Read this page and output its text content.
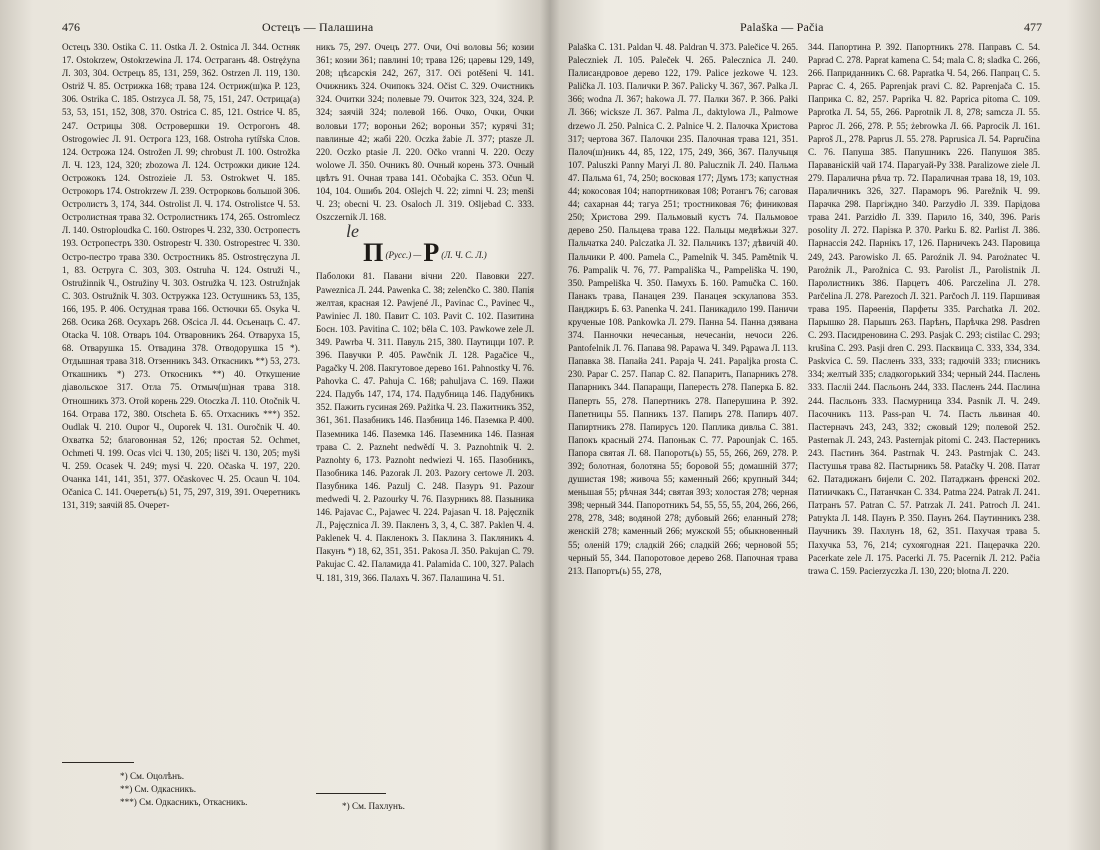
476	Остецъ — Палашина

Остецъ 330. Ostika С. 11. Ostka Л. 2. Ostnica Л. 344. Остняк 17. Ostokrzew, Ostokrzewina Л. 174. Остраганъ 48. Ostrężyna Л. 303, 304. Острецъ 85, 131, 259, 362. Ostrzen Л. 119, 130. Ostriž Ч. 85. Острижка 168; трава 124. Остриж(ш)ка Р. 123, 306. Ostrika С. 185. Ostrzyca Л. 58, 75, 151, 247. Острица(а) 53, 53, 151, 152, 308, 370. Ostrica С. 85, 121. Ostrice Ч. 85, 247. Острицы 308. Островершки 19. Острогонъ 48. Ostrogowiec Л. 91. Острога 123, 168. Ostroha rytířska Слов. 124. Острожа 124. Ostrožen Л. 99; chrobust Л. 100. Ostrožka Л. Ч. 123, 124, 320; zbozowa Л. 124. Острожки дикие 124. Острожокъ 124. Ostrozieie Л. 53. Ostrokwet Ч. 185. Острокоръ 174. Ostrokrzew Л. 239. Острорковь большой 306. Остролистъ 3, 174, 344. Ostrolist Л. Ч. 174. Ostrolistce Ч. 53. Остролистная трава 32. Остролистникъ 174, 265. Ostromlecz Л. 140. Ostroploudka С. 160. Ostropes Ч. 232, 330. Остропестъ 193. Остропестръ 330. Ostropestr Ч. 330. Ostropestrec Ч. 330. Остро-пестро трава 330. Остростникъ 85. Ostrostręczyna Л. 1, 83. Остругa С. 303, 303. Ostruha Ч. 124. Ostruži Ч., Ostružinnik Ч., Ostružiny Ч. 303. Ostružka Ч. 123. Ostružnjak С. 303. Ostružnik Ч. 303. Остружка 123. Остушникъ 53, 135, 166, 195. Р. 406. Остудная трава 166. Остючки 65. Osyka Ч. 268. Осика 268. Осухаръ 268. Ošcica Л. 44. Осьенацъ С. 47. Otacka Ч. 108. Отваръ 104. Отваровникъ 264. Отваруха 15, 68. Отварушка 15. Отвадина 378. Отводорушка 15 *). Отдышная трава 318. Отзенникъ 343. Откасникъ **) 53, 273. Откашникъ *) 273. Откосникъ **) 40. Откушение дiавольское 317. Отла 75. Отмыч(ш)ная трава 318. Отношникъ 373. Отой корень 229. Otoczka Л. 110. Otočnik Ч. 164. Отрава 172, 380. Otschеta Б. 65. Отхасникъ ***) 352. Oudlak Ч. 210. Oupor Ч., Ouporek Ч. 131. Ouročnik Ч. 40. Охватка 52; благовонная 52, 126; простая 52. Ochmet, Ochmeti Ч. 199. Ocas vlci Ч. 130, 205; lišči Ч. 130, 205; myši Ч. 259. Ocasek Ч. 249; mysi Ч. 220. Očaska Ч. 197, 220. Очанка 141, 141, 351, 377. Očaskovec Ч. 25. Ocaun Ч. 104. Očanica С. 141. Очеретъ(ь) 51, 75, 297, 319, 391. Очеретникъ 131, 319; заячiй 85. Очерет-

никъ 75, 297. Очецъ 277. Очи, Очі воловы 56; козии 361; козии 361; павлині 10; трава 126; царевы 129, 149, 208; цѣсарскія 242, 267, 317. Oči potěšeni Ч. 141. Очижникъ 324. Очипокъ 324. Očist С. 329. Очистникъ 324. Очитки 324; полевые 79. Очиток 323, 324, 324. Р. 324; заячій 324; полевой 166. Очко, Очки, Очки воловьи 177; вороньи 262; вороньи 357; курячі 31; павлиные 42; жабі 220. Oczka žabie Л. 377; ptasze Л. 220. Oczko ptasie Л. 220. Očko vranni Ч. 220. Oczy wolowe Л. 350. Очникъ 80. Очный корень 373. Очный цвѣтъ 91. Очная трава 141. Očobajka С. 353. Očun Ч. 104, 104. Ошибъ 204. Ošlejch Ч. 22; zimni Ч. 23; menši Ч. 23; obecni Ч. 23. Osaloch Л. 319. Ošljebad С. 333. Oszczernik Л. 168.

le
П (Русс.) — Р (Л. Ч. С. Л.)

Паболоки 81. Павани вічни 220. Павовки 227. Paweznica Л. 244. Pawenka С. 38; zelenčko С. 380. Папiя желтая, красная 12. Pawjené Л., Pavinac С., Pavinec Ч., Pawiniec Л. 180. Павит С. 103. Pavit С. 102. Пазитина Босн. 103. Pavitina С. 102; běla С. 103. Pawkowe zele Л. 349. Pawrba Ч. 311. Павуль 215, 380. Паутицци 107. Р. 396. Павучки Р. 405. Pawčnik Л. 128. Pagačice Ч., Pagačky Ч. 208. Пакгутовое дерево 161. Pahnostky Ч. 76. Pahovka С. 47. Pahuja С. 168; pahuljava С. 169. Пажи 224. Падубъ 147, 174, 174. Падубница 146. Падубникъ 352. Пажить гусиная 269. Pažitka Ч. 23. Пажитникъ 352, 361, 361. Пазабникъ 146. Пазбница 146. Паземка Р. 400. Паземника 146. Паземка 146. Паземника 146. Пазная трава С. 2. Pazneht nedwědí Ч. 3. Paznohtnik Ч. 2. Paznohty 6, 173. Paznoht nedwiezi Ч. 165. Пазобникъ, Пазобника 146. Pazorak Л. 203. Pazory certowe Л. 203. Пазубника 146. Pazulj С. 248. Пазуръ 91. Pazour medwedi Ч. 2. Pazourky Ч. 76. Пазурникъ 88. Пазыника 146. Pajavac С., Pajawec Ч. 224. Pajasan Ч. 18. Pajęcznik Л., Pajęcznica Л. 39. Пакленъ 3, 3, 4, С. 387. Paklen Ч. 4. Paklenek Ч. 4. Пакленокъ 3. Паклина 3. Пакляникъ 4. Пакунъ *) 18, 62, 351, 351. Pakosa Л. 350. Pakujan С. 79. Pakujac С. 42. Паламида 41. Palamida С. 100, 327. Palach Ч. 181, 319, 366. Палахъ Ч. 367. Палашина Ч. 51.

*) См. Оцолѣнъ.
**) См. Одкасникъ.
***) См. Одкасникъ, Откасникъ.	*) См. Пахлунъ.
Palaška — Pačia	477

Palaška С. 131. Paldan Ч. 48. Paldran Ч. 373. Palečice Ч. 265. Paleczniek Л. 105. Paleček Ч. 265. Paleсznica Л. 240. Палисандровое дерево 122, 179. Palice jezkowe Ч. 123. Palička Л. 103. Палички Р. 367. Paliсky Ч. 367, 367. Palka Л. 366; wodna Л. 367; hakowa Л. 77. Палки 367. Р. 366. Pałki Л. 366; wickszе Л. 367. Palma Л., daktylowa Л., Palmowe drzewo Л. 250. Palnica С. 2. Palnice Ч. 2. Палочка Христова 317; чертова 367. Палочки 235. Палочная трава 121, 351. Палоч(ш)никъ 44, 85, 122, 175, 249, 366, 367. Палучыця 107. Paluszki Panny Maryi Л. 80. Paluсznik Л. 240. Пальма 47. Пальма 61, 74, 250; восковая 177; Думъ 173; капустная 44; кокосовая 104; напортниковая 108; Ротангъ 76; саговая 44; сахарная 44; тагуа 251; тростниковая 76; финиковая 250; Христова 299. Пальмовый кустъ 74. Пальмовое дерево 250. Пальцева трава 122. Пальцы медвѣжьи 327. Пальчатка 240. Palсzatka Л. 32. Пальчикъ 137; дѣвичій 40. Пальчики Р. 400. Pamela С., Pamelnik Ч. 345. Pamětnik Ч. 76. Pampalik Ч. 76, 77. Pampališka Ч., Pampeliška Ч. 190, 350. Pampeliška Ч. 350. Памухъ Б. 160. Pamučka С. 160. Панакъ трава, Панацея 239. Панацея эскулапова 353. Панджиръ Б. 63. Panenka Ч. 241. Паникадило 199. Паничи крученые 108. Pankowka Л. 279. Панна 54. Панна дзявана 374. Панночки нечесаныя, нечесаніи, нечоси 226. Pantofelnik Л. 76. Папава 98. Papawa Ч. 349. Pąpawa Л. 113. Папавка 38. Папайа 241. Papaja Ч. 241. Papaljka prosta С. 230. Papar С. 257. Папар С. 82. Папаритъ, Папарникъ 278. Папарникъ 344. Папаращи, Папересть 278. Паперка Б. 82. Паперть 55, 278. Папертникъ 278. Паперушина Р. 392. Папетницы 55. Папникъ 137. Папиръ 278. Папиръ 407. Папиртникъ 278. Папирусъ 120. Паплика дивльа С. 381. Папокъ красный 274. Папоньак С. 77. Papounjak С. 165. Папора святая Л. 68. Папоротъ(ь) 55, 55, 266, 269, 278. Р. 392; болотная, болотяна 55; боровой 55; домашній 377; душистая 198; живоча 55; каменный 266; крупный 344; меньшая 55; рѣчная 344; святая 393; холостая 278; черная 398; черный 344. Папоротникъ 54, 55, 55, 55, 204, 266, 266, 278, 278, 348; водяной 278; дубовый 266; еланный 278; женскій 278; каменный 266; мужской 55; обыкновенный 55; оленій 179; сладкій 266; сладкій 266; черновой 55; черный 55, 344. Папоротовое дерево 268. Папочная трава 213. Папортъ(ь) 55, 278,

344. Папортина Р. 392. Папортникъ 278. Паправъ С. 54. Paprad С. 278. Paprat kamena С. 54; mala С. 8; sladka С. 266, 266. Паприданникъ С. 68. Paprаtka Ч. 54, 266. Папрац С. 5. Paprac С. 4, 265. Paprenjak pravi С. 82. Paprenjača С. 15. Паприка С. 82, 257. Paprika Ч. 82. Paprica pitoma С. 109. Paprotka Л. 54, 55, 266. Paprotnik Л. 8, 278; samczа Л. 55. Paproc Л. 266, 278. Р. 55; żebrowka Л. 66. Paprocik Л. 161. Paproš Л., 278. Paprus Л. 55. 278. Paprusica Л. 54. Papručina С. 76. Папуша 385. Папушникъ 226. Папушоя 385. Параваніскій чай 174. Парагуай-Ру 338. Paralizowe ziele Л. 279. Паралична рѣча тр. 72. Параличная трава 18, 19, 103. Параличникъ 326, 327. Параморъ 96. Parežnik Ч. 99. Парачка 298. Паргіждно 340. Parzydło Л. 339. Парідова трава 241. Parzidło Л. 339. Парило 16, 340, 396. Paris posolity Л. 272. Парізка Р. 370. Parku Б. 82. Parlist Л. 386. Парнассія 242. Парнікъ 17, 126. Парничекъ 243. Паровица 249, 243. Parowisko Л. 65. Paroźnik Л. 94. Parożnatec Ч. Parożnik Л., Parožnica С. 93. Parolist Л., Parolistnik Л. Паролистникъ 386. Парцетъ 406. Parczelina Л. 278. Parčelina Л. 278. Parezoch Л. 321. Parčoch Л. 119. Паршивая трава 195. Парѳенія, Парфеты 335. Parchatka Л. 202. Парышко 28. Парышъ 263. Парѣнъ, Парѣчка 298. Pasdren С. 293. Пасидреновина С. 293. Pasjak С. 293; cistilac С. 293; krušina С. 293. Pasji dren С. 293. Пасквица С. 333, 334, 334. Paskvica С. 59. Пасленъ 333, 333; гадючій 333; глисникъ 334; желтый 335; сладкогорький 334; черный 244. Паслень 333. Пасліі 244. Пасльонъ 244, 333. Пасленъ 244. Паслина 244. Пасльонъ 333. Пасмурница 334. Pasnik Л. Ч. 249. Пасочникъ 113. Pass-pan Ч. 74. Пасть львиная 40. Пастерначъ 243, 243, 332; сжовый 129; полевой 252. Pasternak Л. 243, 243. Pasternjak pitomi С. 243. Пастерникъ 243. Пастинъ 364. Pastrnak Ч. 243. Pastrnjak С. 243. Пастушья трава 82. Пастырникъ 58. Patačky Ч. 208. Патат 62. Патадижанъ бијели С. 202. Патаджанъ френскі 202. Патиичкакъ С., Патанчкан С. 334. Patma 224. Patrak Л. 241. Патранъ 57. Patran С. 57. Patrzаk Л. 241. Patroch Л. 241. Patrykta Л. 148. Паунъ Р. 350. Паунъ 264. Паутинникъ 238. Паучникъ 39. Пахлунъ 18, 62, 351. Пахучая трава 5. Пахучка 53, 76, 214; сухоягодная 221. Пацерачка 220. Pacerkate zele Л. 175. Pacerki Л. 75. Pacernik Л. 212. Pačia trawa С. 159. Pacierzyczka Л. 130, 220; blotna Л. 220.
